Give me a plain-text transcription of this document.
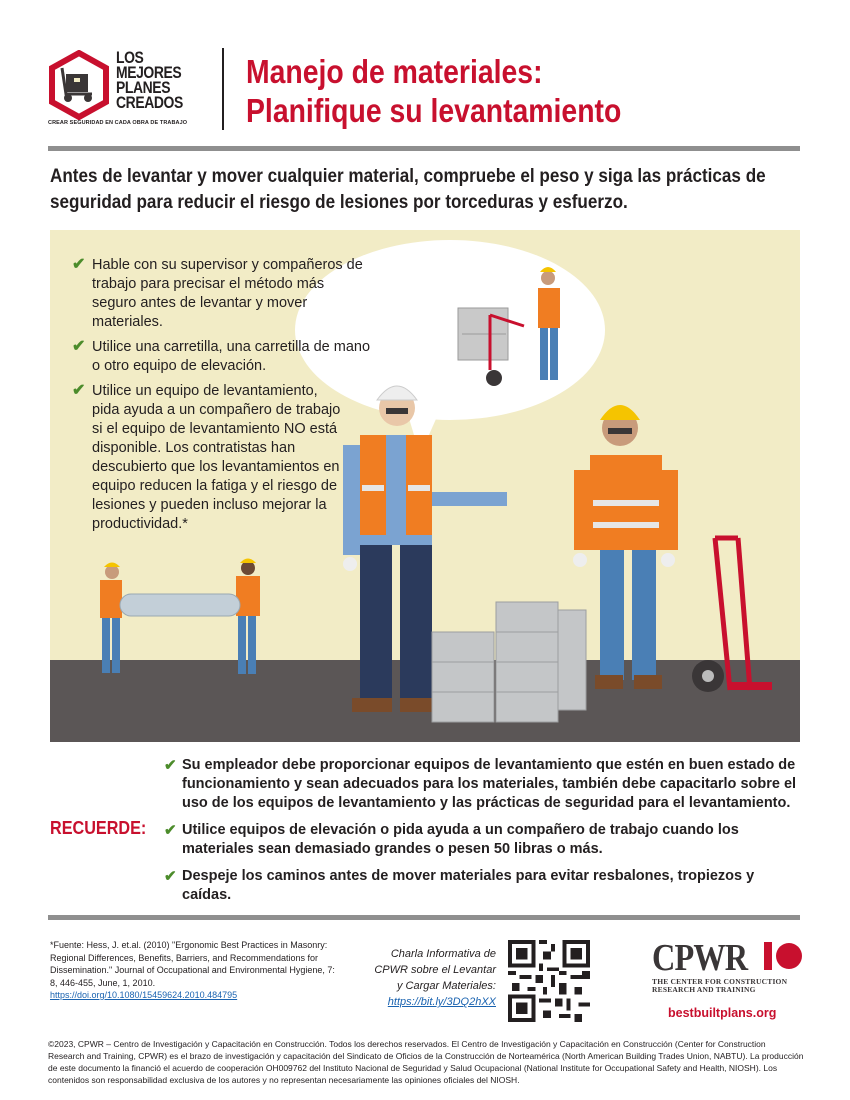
LOS
MEJORES
PLANES
CREADOS
CREAR SEGURIDAD EN CADA OBRA DE TRABAJO
Manejo de materiales:
Planifique su levantamiento
Antes de levantar y mover cualquier material, compruebe el peso y siga las prácticas de
seguridad para reducir el riesgo de lesiones por torceduras y esfuerzo.
✔ Hable con su supervisor y compañeros de trabajo para precisar el método más seguro antes de levantar y mover materiales.
✔ Utilice una carretilla, una carretilla de mano o otro equipo de elevación.
✔ Utilice un equipo de levantamiento, pida ayuda a un compañero de trabajo si el equipo de levantamiento NO está disponible. Los contratistas han descubierto que los levantamientos en equipo reducen la fatiga y el riesgo de lesiones y pueden incluso mejorar la productividad.*
RECUERDE:
✔ Su empleador debe proporcionar equipos de levantamiento que estén en buen estado de funcionamiento y sean adecuados para los materiales, también debe capacitarlo sobre el uso de los equipos de levantamiento y las prácticas de seguridad para el levantamiento.
✔ Utilice equipos de elevación o pida ayuda a un compañero de trabajo cuando los materiales sean demasiado grandes o pesen 50 libras o más.
✔ Despeje los caminos antes de mover materiales para evitar resbalones, tropiezos y caídas.
*Fuente: Hess, J. et.al. (2010) "Ergonomic Best Practices in Masonry: Regional Differences, Benefits, Barriers, and Recommendations for Dissemination." Journal of Occupational and Environmental Hygiene, 7: 8, 446-455, June, 1, 2010.
https://doi.org/10.1080/15459624.2010.484795
Charla Informativa de
CPWR sobre el Levantar
y Cargar Materiales:
https://bit.ly/3DQ2hXX
CPWR
THE CENTER FOR CONSTRUCTION
RESEARCH AND TRAINING
bestbuiltplans.org
©2023, CPWR – Centro de Investigación y Capacitación en Construcción. Todos los derechos reservados. El Centro de Investigación y Capacitación en Construcción (Center for Construction Research and Training, CPWR) es el brazo de investigación y capacitación del Sindicato de Oficios de la Construcción de Norteamérica (North American Building Trades Union, NABTU). La producción de este documento la financió el acuerdo de cooperación OH009762 del Instituto Nacional de Seguridad y Salud Ocupacional (National Institute for Occupational Safety and Health, NIOSH). Los contenidos son responsabilidad exclusiva de los autores y no representan necesariamente las opiniones oficiales del NIOSH.
